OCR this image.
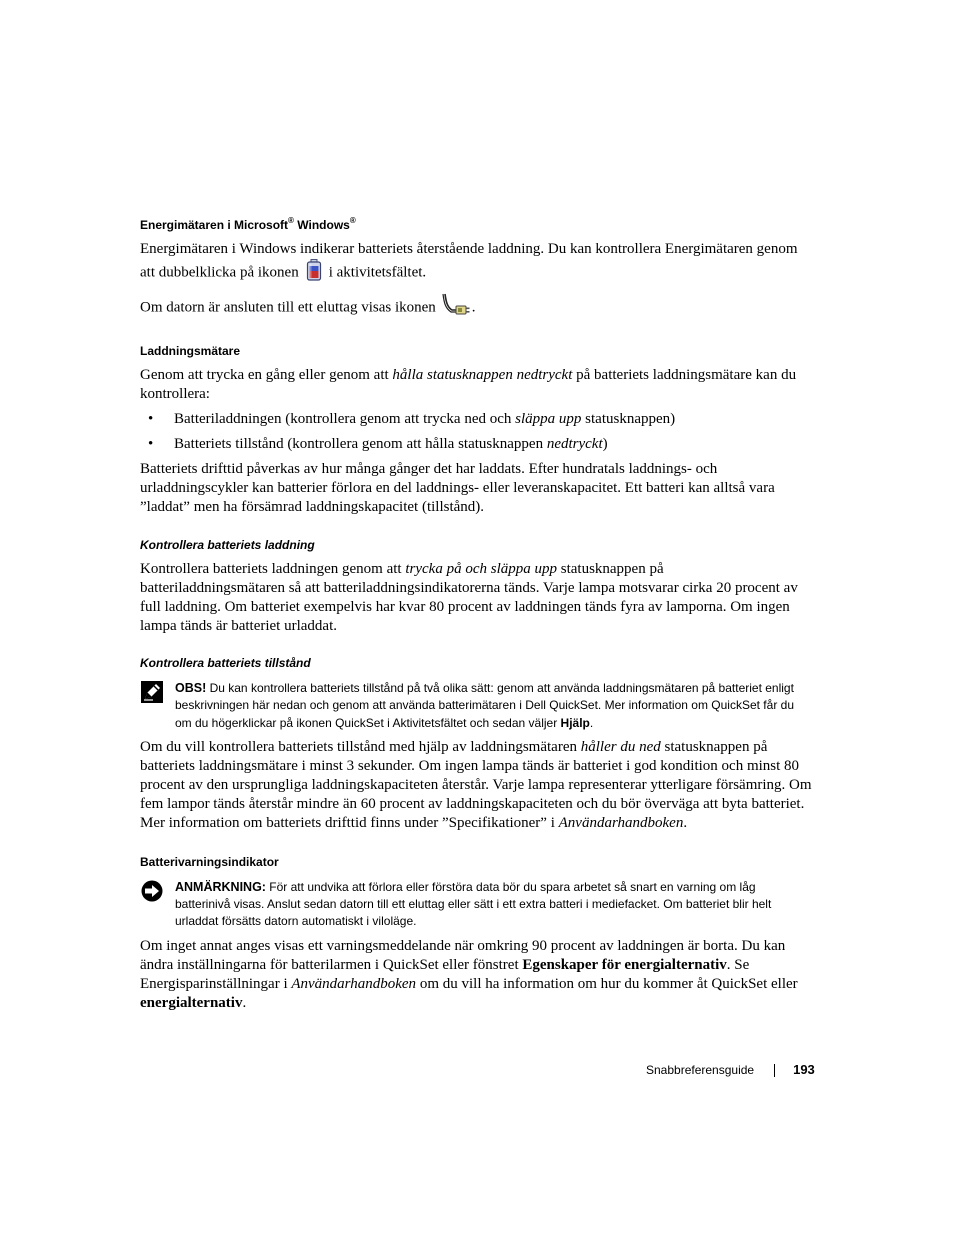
Energimätaren i Microsoft® Windows®

Energimätaren i Windows indikerar batteriets återstående laddning. Du kan kontrollera Energimätaren genom att dubbelklicka på ikonen i aktivitetsfältet.

Om datorn är ansluten till ett eluttag visas ikonen .

Laddningsmätare

Genom att trycka en gång eller genom att hålla statusknappen nedtryckt på batteriets laddningsmätare kan du kontrollera:

• Batteriladdningen (kontrollera genom att trycka ned och släppa upp statusknappen)
• Batteriets tillstånd (kontrollera genom att hålla statusknappen nedtryckt)

Batteriets drifttid påverkas av hur många gånger det har laddats. Efter hundratals laddnings- och urladdningscykler kan batterier förlora en del laddnings- eller leveranskapacitet. Ett batteri kan alltså vara ”laddat” men ha försämrad laddningskapacitet (tillstånd).

Kontrollera batteriets laddning

Kontrollera batteriets laddningen genom att trycka på och släppa upp statusknappen på batteriladdningsmätaren så att batteriladdningsindikatorerna tänds. Varje lampa motsvarar cirka 20 procent av full laddning. Om batteriet exempelvis har kvar 80 procent av laddningen tänds fyra av lamporna. Om ingen lampa tänds är batteriet urladdat.

Kontrollera batteriets tillstånd
OBS! Du kan kontrollera batteriets tillstånd på två olika sätt: genom att använda laddningsmätaren på batteriet enligt beskrivningen här nedan och genom att använda batterimätaren i Dell QuickSet. Mer information om QuickSet får du om du högerklickar på ikonen QuickSet i Aktivitetsfältet och sedan väljer Hjälp.

Om du vill kontrollera batteriets tillstånd med hjälp av laddningsmätaren håller du ned statusknappen på batteriets laddningsmätare i minst 3 sekunder. Om ingen lampa tänds är batteriet i god kondition och minst 80 procent av den ursprungliga laddningskapaciteten återstår. Varje lampa representerar ytterligare försämring. Om fem lampor tänds återstår mindre än 60 procent av laddningskapaciteten och du bör överväga att byta batteriet. Mer information om batteriets drifttid finns under ”Specifikationer” i Användarhandboken.

Batterivarningsindikator
ANMÄRKNING: För att undvika att förlora eller förstöra data bör du spara arbetet så snart en varning om låg batterinivå visas. Anslut sedan datorn till ett eluttag eller sätt i ett extra batteri i mediefacket. Om batteriet blir helt urladdat försätts datorn automatiskt i viloläge.

Om inget annat anges visas ett varningsmeddelande när omkring 90 procent av laddningen är borta. Du kan ändra inställningarna för batterilarmen i QuickSet eller fönstret Egenskaper för energialternativ. Se Energisparinställningar i Användarhandboken om du vill ha information om hur du kommer åt QuickSet eller energialternativ.

Snabbreferensguide	193
